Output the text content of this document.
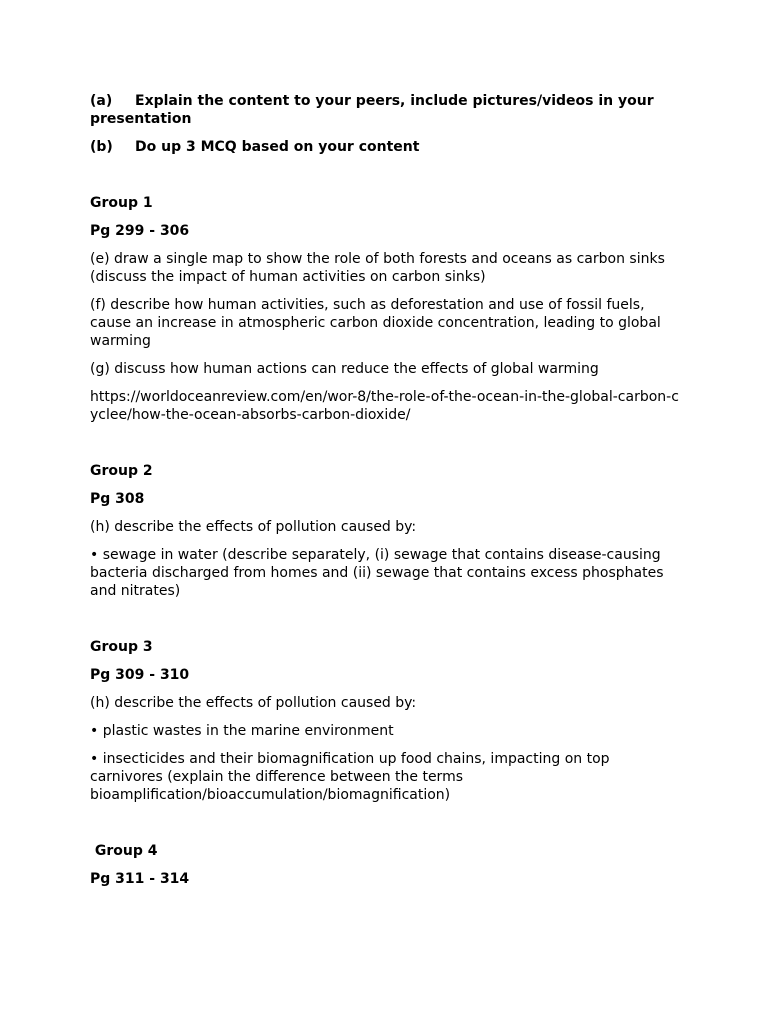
(a) Explain the content to your peers, include pictures/videos in your presentation
(b) Do up 3 MCQ based on your content
Group 1
Pg 299 - 306
(e) draw a single map to show the role of both forests and oceans as carbon sinks (discuss the impact of human activities on carbon sinks)
(f) describe how human activities, such as deforestation and use of fossil fuels, cause an increase in atmospheric carbon dioxide concentration, leading to global warming
(g) discuss how human actions can reduce the effects of global warming
https://worldoceanreview.com/en/wor-8/the-role-of-the-ocean-in-the-global-carbon-cyclee/how-the-ocean-absorbs-carbon-dioxide/
Group 2
Pg 308
(h) describe the effects of pollution caused by:
• sewage in water (describe separately, (i) sewage that contains disease-causing bacteria discharged from homes and (ii) sewage that contains excess phosphates and nitrates)
Group 3
Pg 309 - 310
(h) describe the effects of pollution caused by:
• plastic wastes in the marine environment
• insecticides and their biomagnification up food chains, impacting on top carnivores (explain the difference between the terms bioamplification/bioaccumulation/biomagnification)
Group 4
Pg 311 - 314
